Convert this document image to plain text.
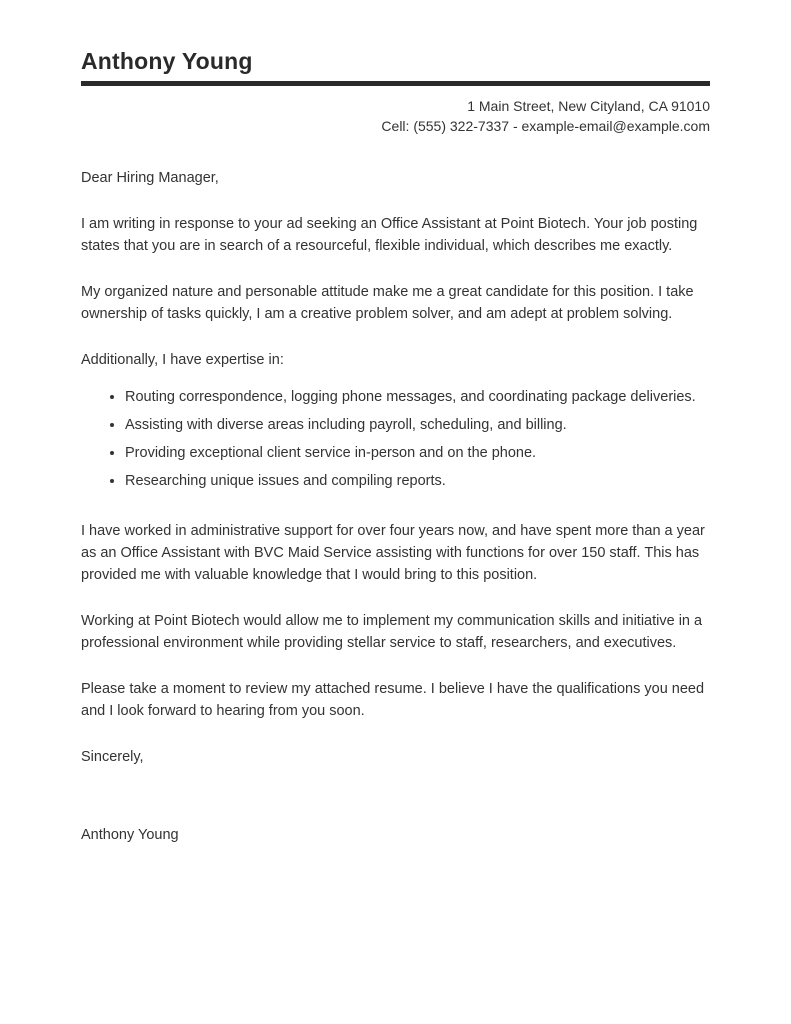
Anthony Young
1 Main Street, New Cityland, CA 91010
Cell: (555) 322-7337 - example-email@example.com
Dear Hiring Manager,

I am writing in response to your ad seeking an Office Assistant at Point Biotech. Your job posting states that you are in search of a resourceful, flexible individual, which describes me exactly.

My organized nature and personable attitude make me a great candidate for this position. I take ownership of tasks quickly, I am a creative problem solver, and am adept at problem solving.

Additionally, I have expertise in:

• Routing correspondence, logging phone messages, and coordinating package deliveries.
• Assisting with diverse areas including payroll, scheduling, and billing.
• Providing exceptional client service in-person and on the phone.
• Researching unique issues and compiling reports.

I have worked in administrative support for over four years now, and have spent more than a year as an Office Assistant with BVC Maid Service assisting with functions for over 150 staff. This has provided me with valuable knowledge that I would bring to this position.

Working at Point Biotech would allow me to implement my communication skills and initiative in a professional environment while providing stellar service to staff, researchers, and executives.

Please take a moment to review my attached resume. I believe I have the qualifications you need and I look forward to hearing from you soon.

Sincerely,

Anthony Young
